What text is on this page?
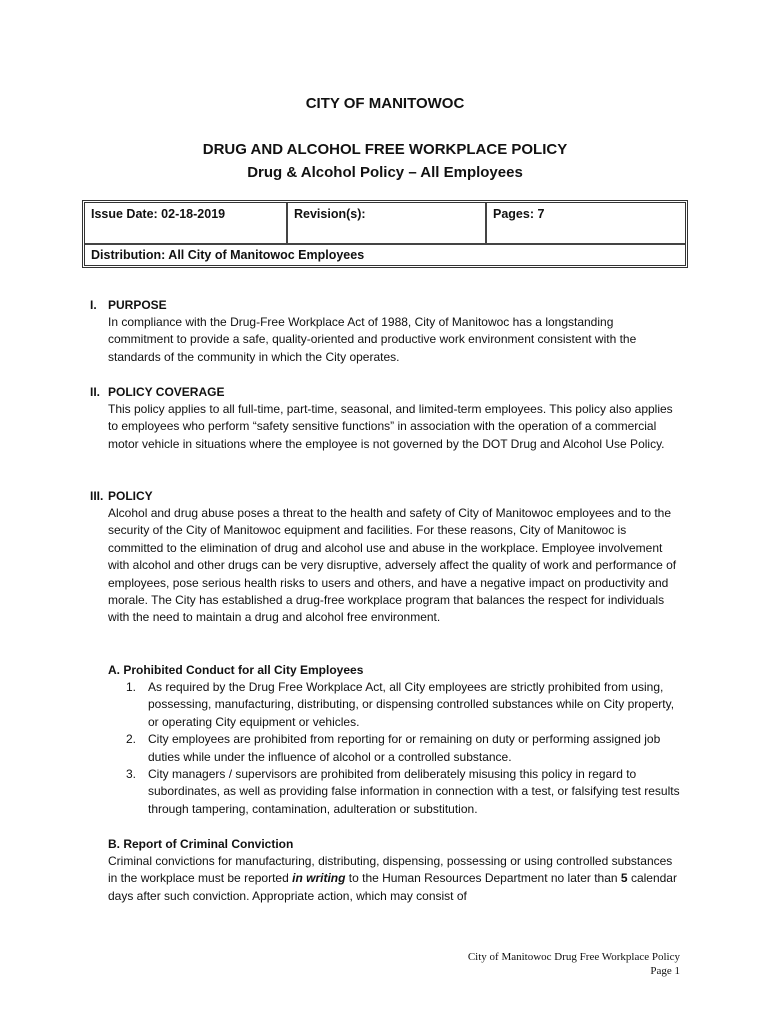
CITY OF MANITOWOC
DRUG AND ALCOHOL FREE WORKPLACE POLICY
Drug & Alcohol Policy – All Employees
Issue Date: 02-18-2019	Revision(s):	Pages: 7
Distribution: All City of Manitowoc Employees
I. PURPOSE
In compliance with the Drug-Free Workplace Act of 1988, City of Manitowoc has a longstanding commitment to provide a safe, quality-oriented and productive work environment consistent with the standards of the community in which the City operates.
II. POLICY COVERAGE
This policy applies to all full-time, part-time, seasonal, and limited-term employees. This policy also applies to employees who perform “safety sensitive functions” in association with the operation of a commercial motor vehicle in situations where the employee is not governed by the DOT Drug and Alcohol Use Policy.
III. POLICY
Alcohol and drug abuse poses a threat to the health and safety of City of Manitowoc employees and to the security of the City of Manitowoc equipment and facilities. For these reasons, City of Manitowoc is committed to the elimination of drug and alcohol use and abuse in the workplace. Employee involvement with alcohol and other drugs can be very disruptive, adversely affect the quality of work and performance of employees, pose serious health risks to users and others, and have a negative impact on productivity and morale. The City has established a drug-free workplace program that balances the respect for individuals with the need to maintain a drug and alcohol free environment.
A. Prohibited Conduct for all City Employees
1. As required by the Drug Free Workplace Act, all City employees are strictly prohibited from using, possessing, manufacturing, distributing, or dispensing controlled substances while on City property, or operating City equipment or vehicles.
2. City employees are prohibited from reporting for or remaining on duty or performing assigned job duties while under the influence of alcohol or a controlled substance.
3. City managers / supervisors are prohibited from deliberately misusing this policy in regard to subordinates, as well as providing false information in connection with a test, or falsifying test results through tampering, contamination, adulteration or substitution.
B. Report of Criminal Conviction
Criminal convictions for manufacturing, distributing, dispensing, possessing or using controlled substances in the workplace must be reported in writing to the Human Resources Department no later than 5 calendar days after such conviction. Appropriate action, which may consist of
City of Manitowoc Drug Free Workplace Policy
Page 1
